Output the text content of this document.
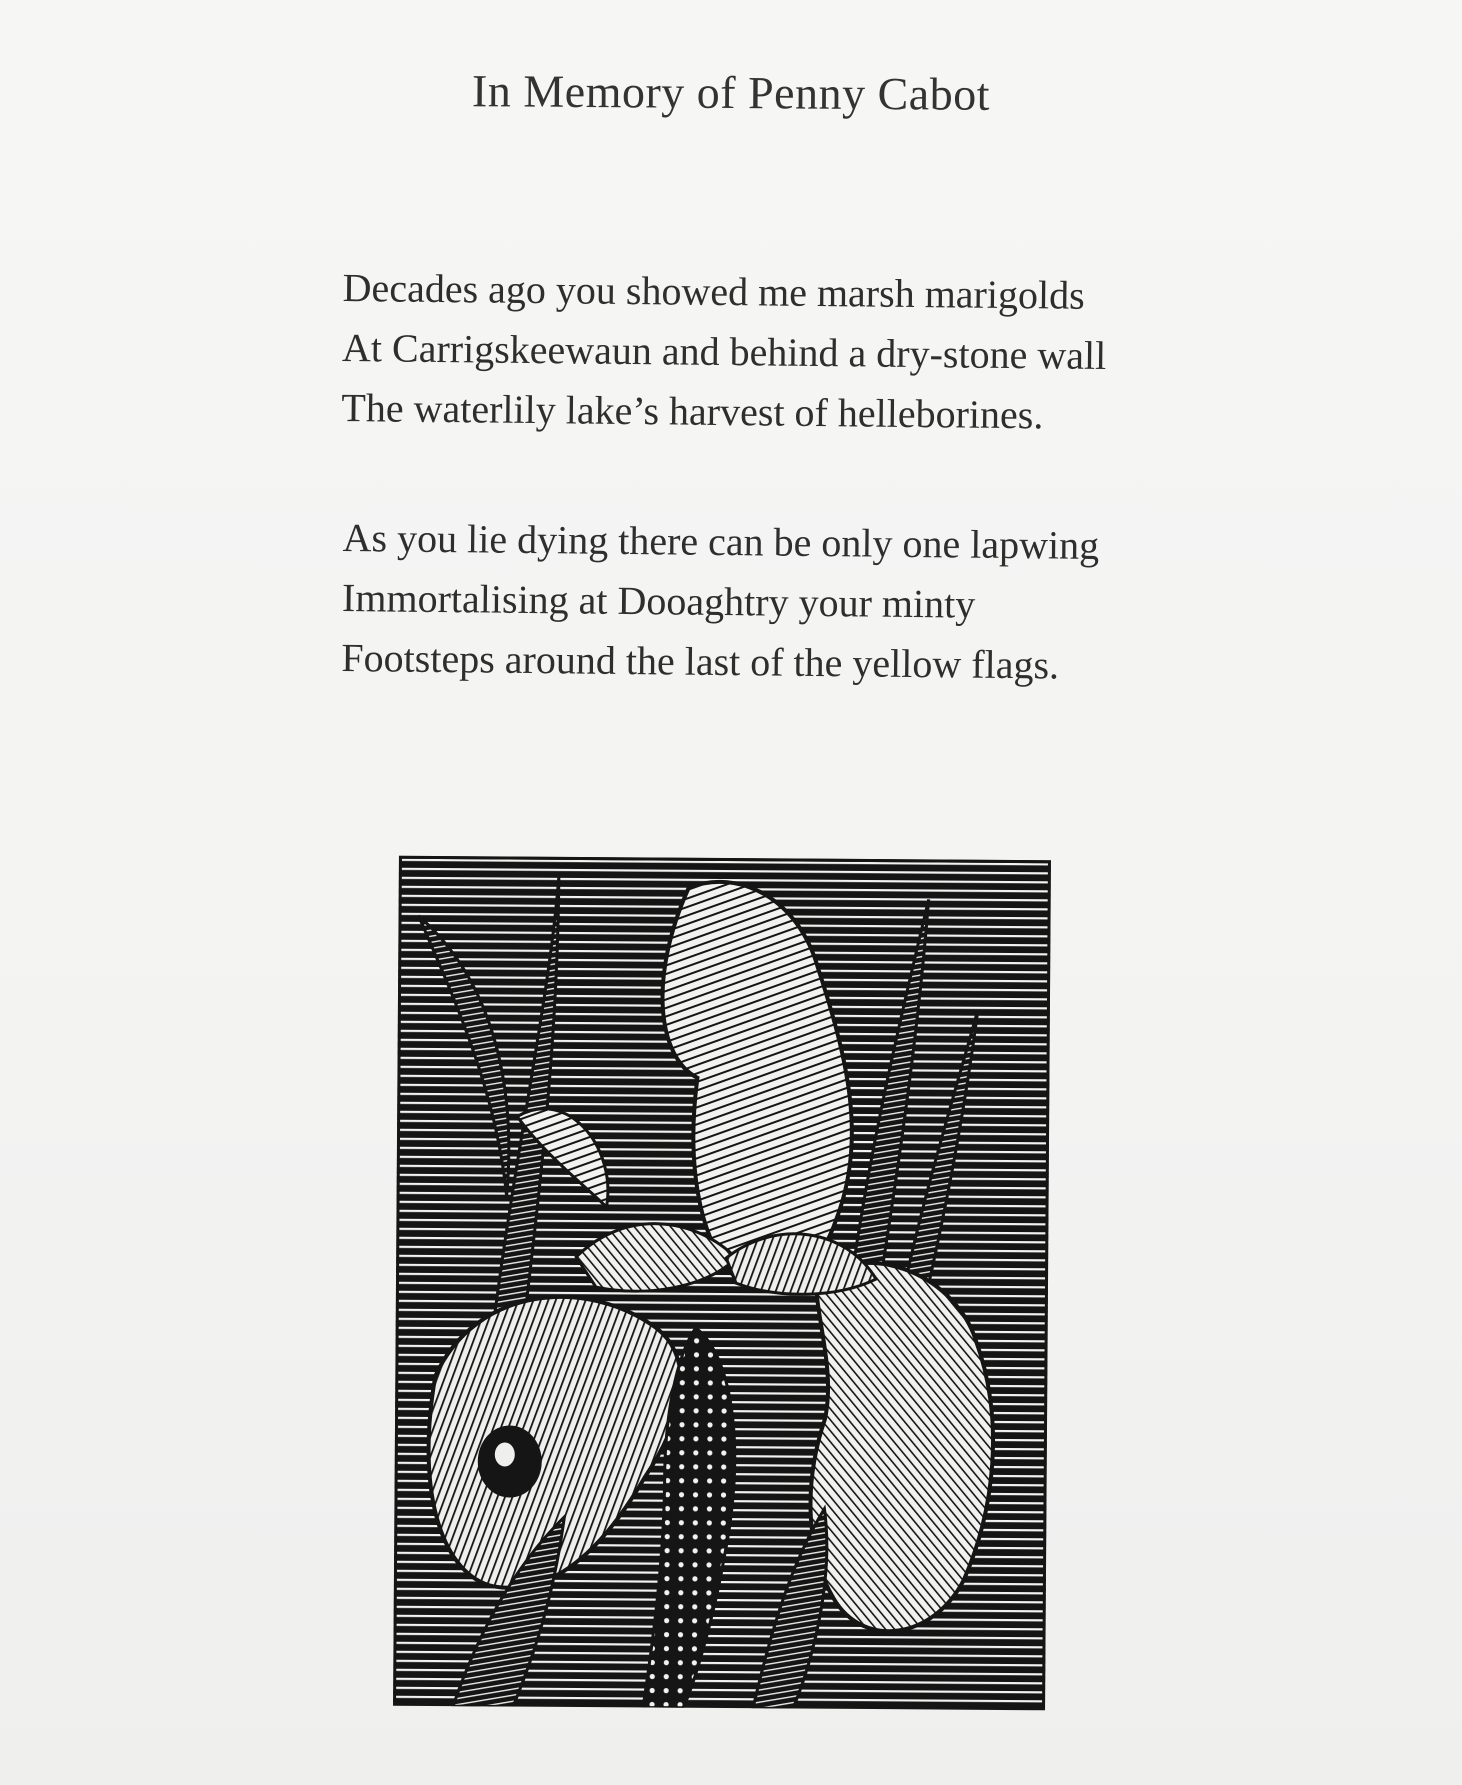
In Memory of Penny Cabot
Decades ago you showed me marsh marigolds
At Carrigskeewaun and behind a dry-stone wall
The waterlily lake’s harvest of helleborines.
As you lie dying there can be only one lapwing
Immortalising at Dooaghtry your minty
Footsteps around the last of the yellow flags.
